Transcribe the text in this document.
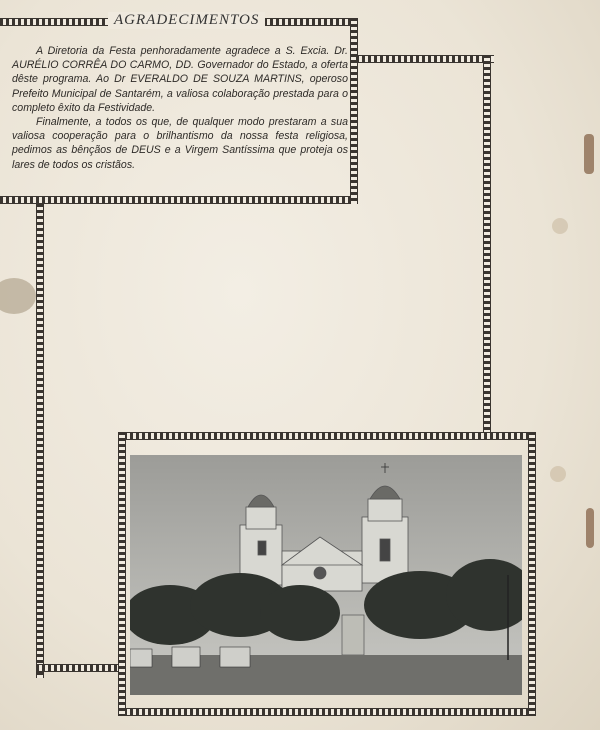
AGRADECIMENTOS

A Diretoria da Festa penhoradamente agradece a S. Excia. Dr. AURÉLIO CORRÊA DO CARMO, DD. Governador do Estado, a oferta dêste programa. Ao Dr EVERALDO DE SOUZA MARTINS, operoso Prefeito Municipal de Santarém, a valiosa colaboração prestada para o completo êxito da Festividade.

Finalmente, a todos os que, de qualquer modo prestaram a sua valiosa cooperação para o brilhantismo da nossa festa religiosa, pedimos as bênçãos de DEUS e a Virgem Santíssima que proteja os lares de todos os cristãos.
